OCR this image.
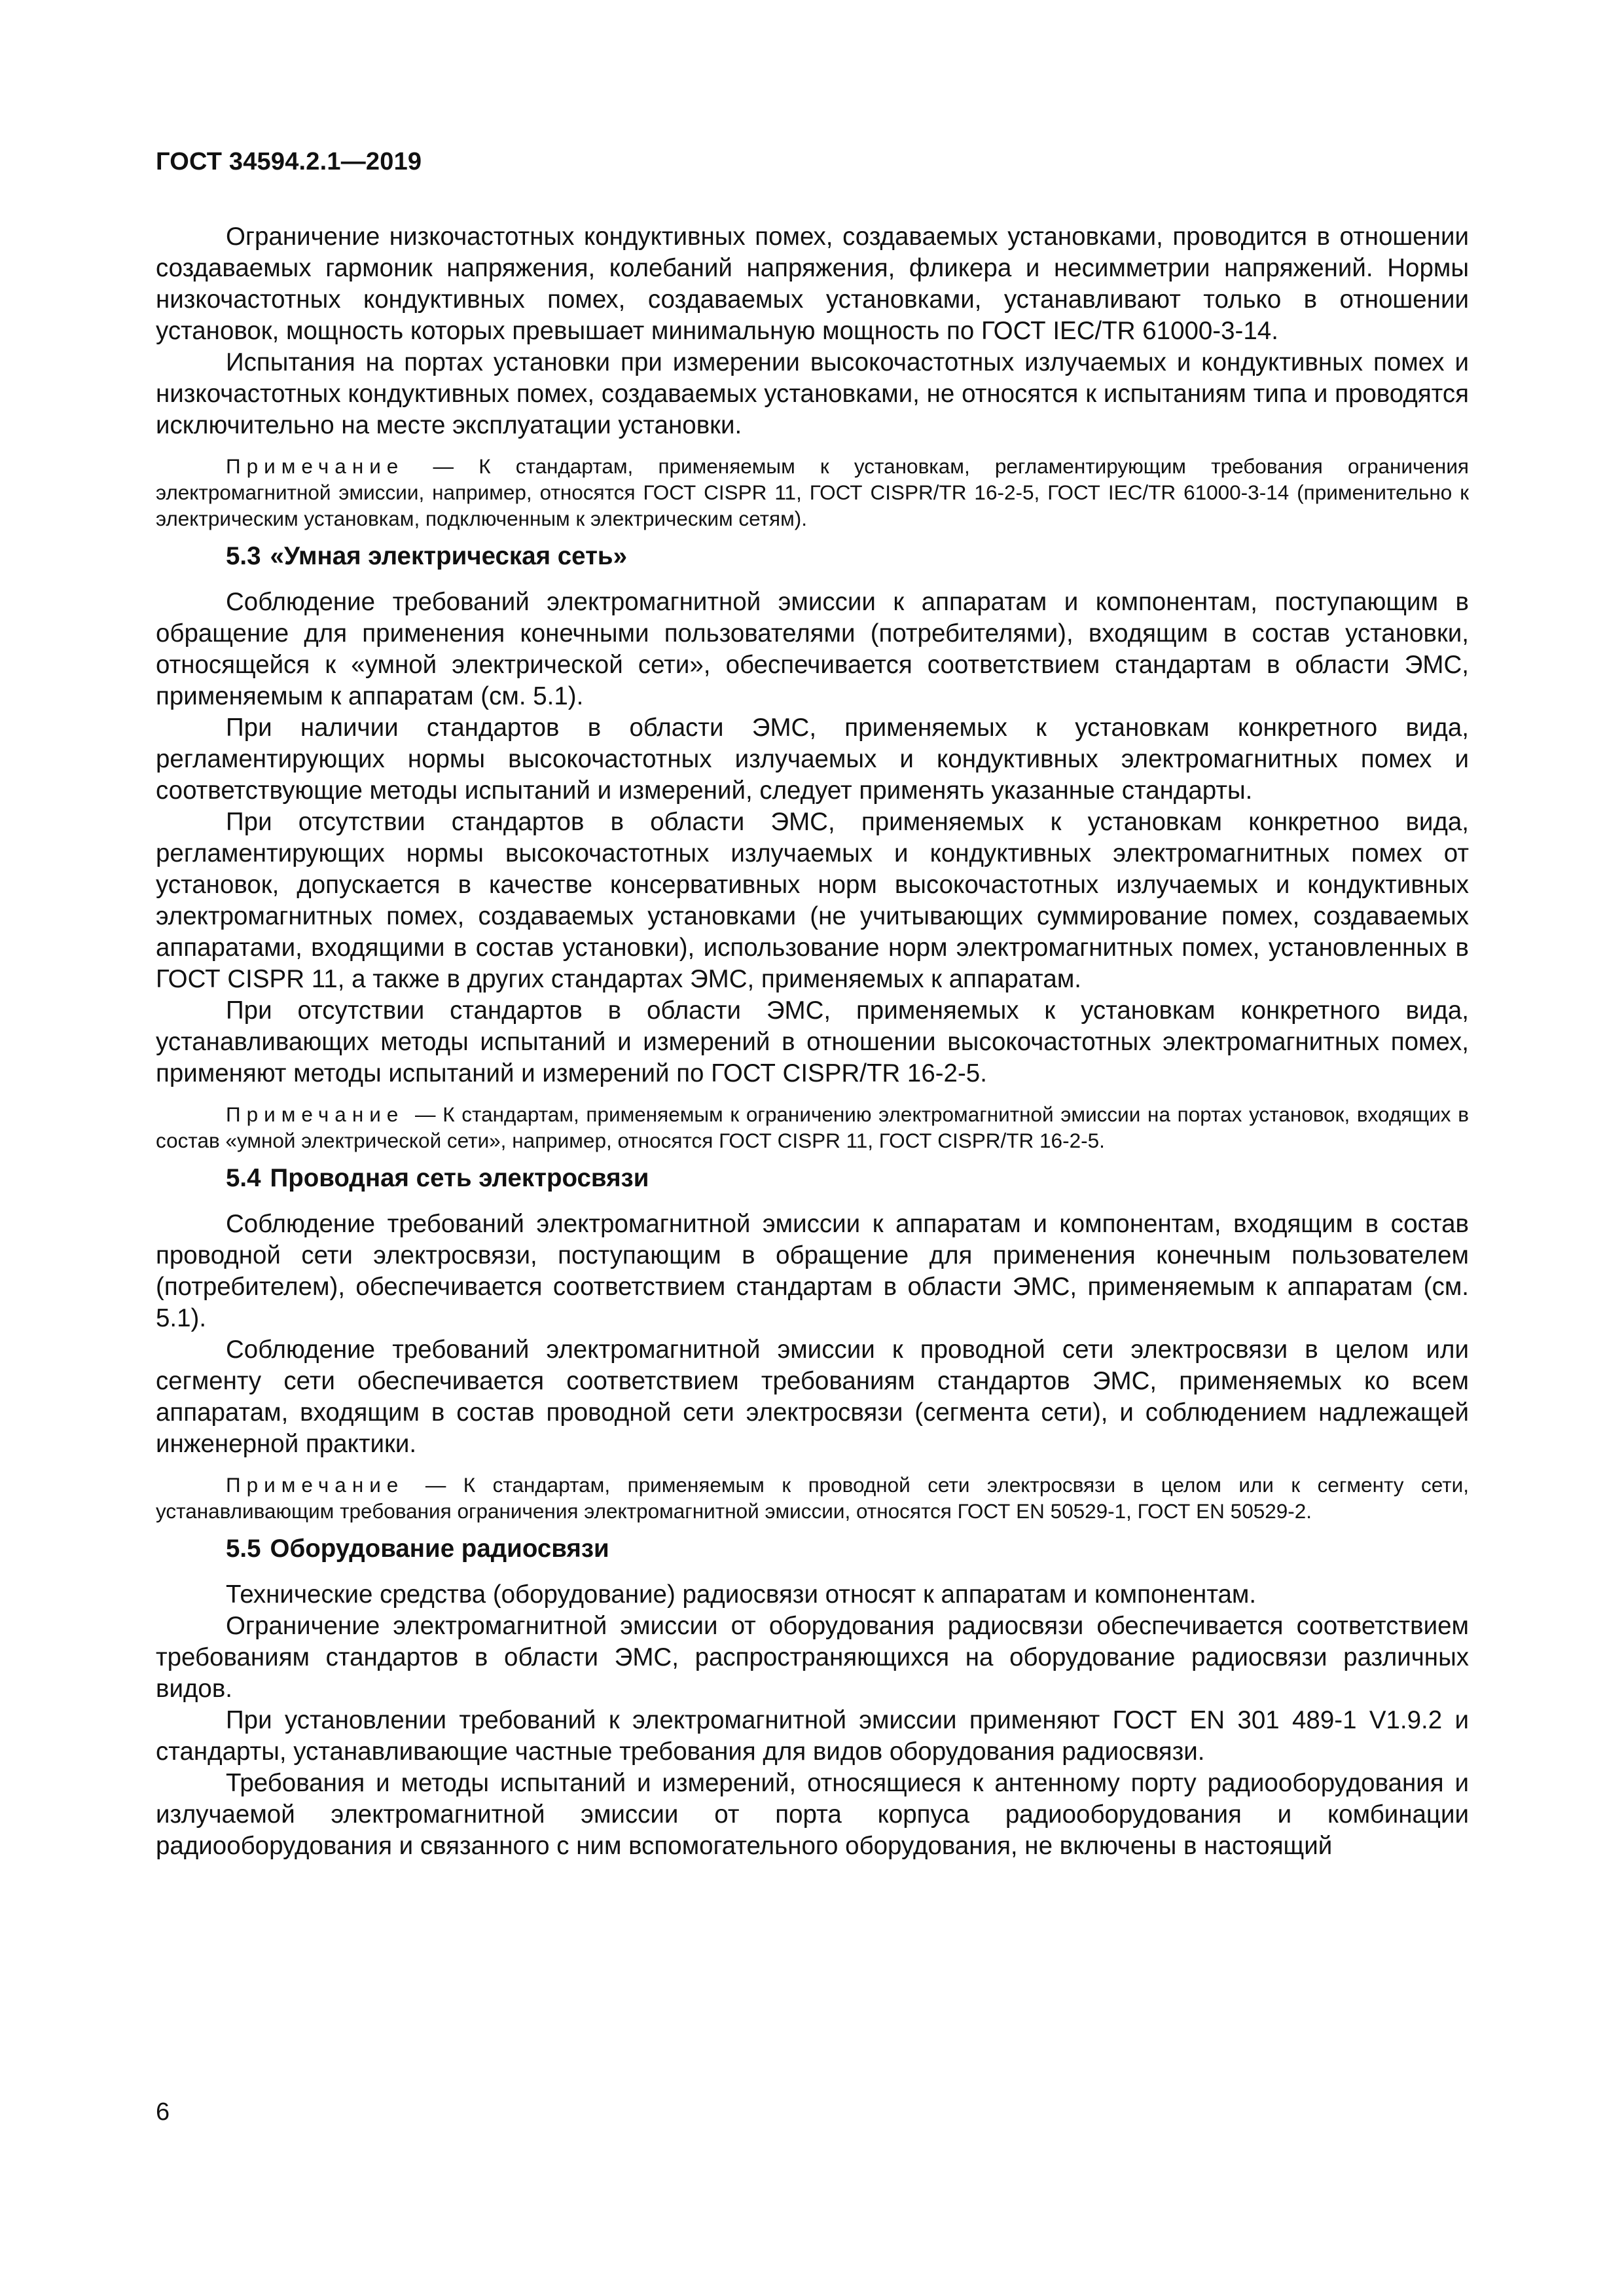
ГОСТ 34594.2.1—2019

Ограничение низкочастотных кондуктивных помех, создаваемых установками, проводится в отношении создаваемых гармоник напряжения, колебаний напряжения, фликера и несимметрии напряжений. Нормы низкочастотных кондуктивных помех, создаваемых установками, устанавливают только в отношении установок, мощность которых превышает минимальную мощность по ГОСТ IEC/TR 61000-3-14.

Испытания на портах установки при измерении высокочастотных излучаемых и кондуктивных помех и низкочастотных кондуктивных помех, создаваемых установками, не относятся к испытаниям типа и проводятся исключительно на месте эксплуатации установки.

Примечание — К стандартам, применяемым к установкам, регламентирующим требования ограничения электромагнитной эмиссии, например, относятся ГОСТ CISPR 11, ГОСТ CISPR/TR 16-2-5, ГОСТ IEC/TR 61000-3-14 (применительно к электрическим установкам, подключенным к электрическим сетям).

5.3 «Умная электрическая сеть»

Соблюдение требований электромагнитной эмиссии к аппаратам и компонентам, поступающим в обращение для применения конечными пользователями (потребителями), входящим в состав установки, относящейся к «умной электрической сети», обеспечивается соответствием стандартам в области ЭМС, применяемым к аппаратам (см. 5.1).

При наличии стандартов в области ЭМС, применяемых к установкам конкретного вида, регламентирующих нормы высокочастотных излучаемых и кондуктивных электромагнитных помех и соответствующие методы испытаний и измерений, следует применять указанные стандарты.

При отсутствии стандартов в области ЭМС, применяемых к установкам конкретноо вида, регламентирующих нормы высокочастотных излучаемых и кондуктивных электромагнитных помех от установок, допускается в качестве консервативных норм высокочастотных излучаемых и кондуктивных электромагнитных помех, создаваемых установками (не учитывающих суммирование помех, создаваемых аппаратами, входящими в состав установки), использование норм электромагнитных помех, установленных в ГОСТ CISPR 11, а также в других стандартах ЭМС, применяемых к аппаратам.

При отсутствии стандартов в области ЭМС, применяемых к установкам конкретного вида, устанавливающих методы испытаний и измерений в отношении высокочастотных электромагнитных помех, применяют методы испытаний и измерений по ГОСТ CISPR/TR 16-2-5.

Примечание — К стандартам, применяемым к ограничению электромагнитной эмиссии на портах установок, входящих в состав «умной электрической сети», например, относятся ГОСТ CISPR 11, ГОСТ CISPR/TR 16-2-5.

5.4 Проводная сеть электросвязи

Соблюдение требований электромагнитной эмиссии к аппаратам и компонентам, входящим в состав проводной сети электросвязи, поступающим в обращение для применения конечным пользователем (потребителем), обеспечивается соответствием стандартам в области ЭМС, применяемым к аппаратам (см. 5.1).

Соблюдение требований электромагнитной эмиссии к проводной сети электросвязи в целом или сегменту сети обеспечивается соответствием требованиям стандартов ЭМС, применяемых ко всем аппаратам, входящим в состав проводной сети электросвязи (сегмента сети), и соблюдением надлежащей инженерной практики.

Примечание — К стандартам, применяемым к проводной сети электросвязи в целом или к сегменту сети, устанавливающим требования ограничения электромагнитной эмиссии, относятся ГОСТ EN 50529-1, ГОСТ EN 50529-2.

5.5 Оборудование радиосвязи

Технические средства (оборудование) радиосвязи относят к аппаратам и компонентам.

Ограничение электромагнитной эмиссии от оборудования радиосвязи обеспечивается соответствием требованиям стандартов в области ЭМС, распространяющихся на оборудование радиосвязи различных видов.

При установлении требований к электромагнитной эмиссии применяют ГОСТ EN 301 489-1 V1.9.2 и стандарты, устанавливающие частные требования для видов оборудования радиосвязи.

Требования и методы испытаний и измерений, относящиеся к антенному порту радиооборудования и излучаемой электромагнитной эмиссии от порта корпуса радиооборудования и комбинации радиооборудования и связанного с ним вспомогательного оборудования, не включены в настоящий

6
